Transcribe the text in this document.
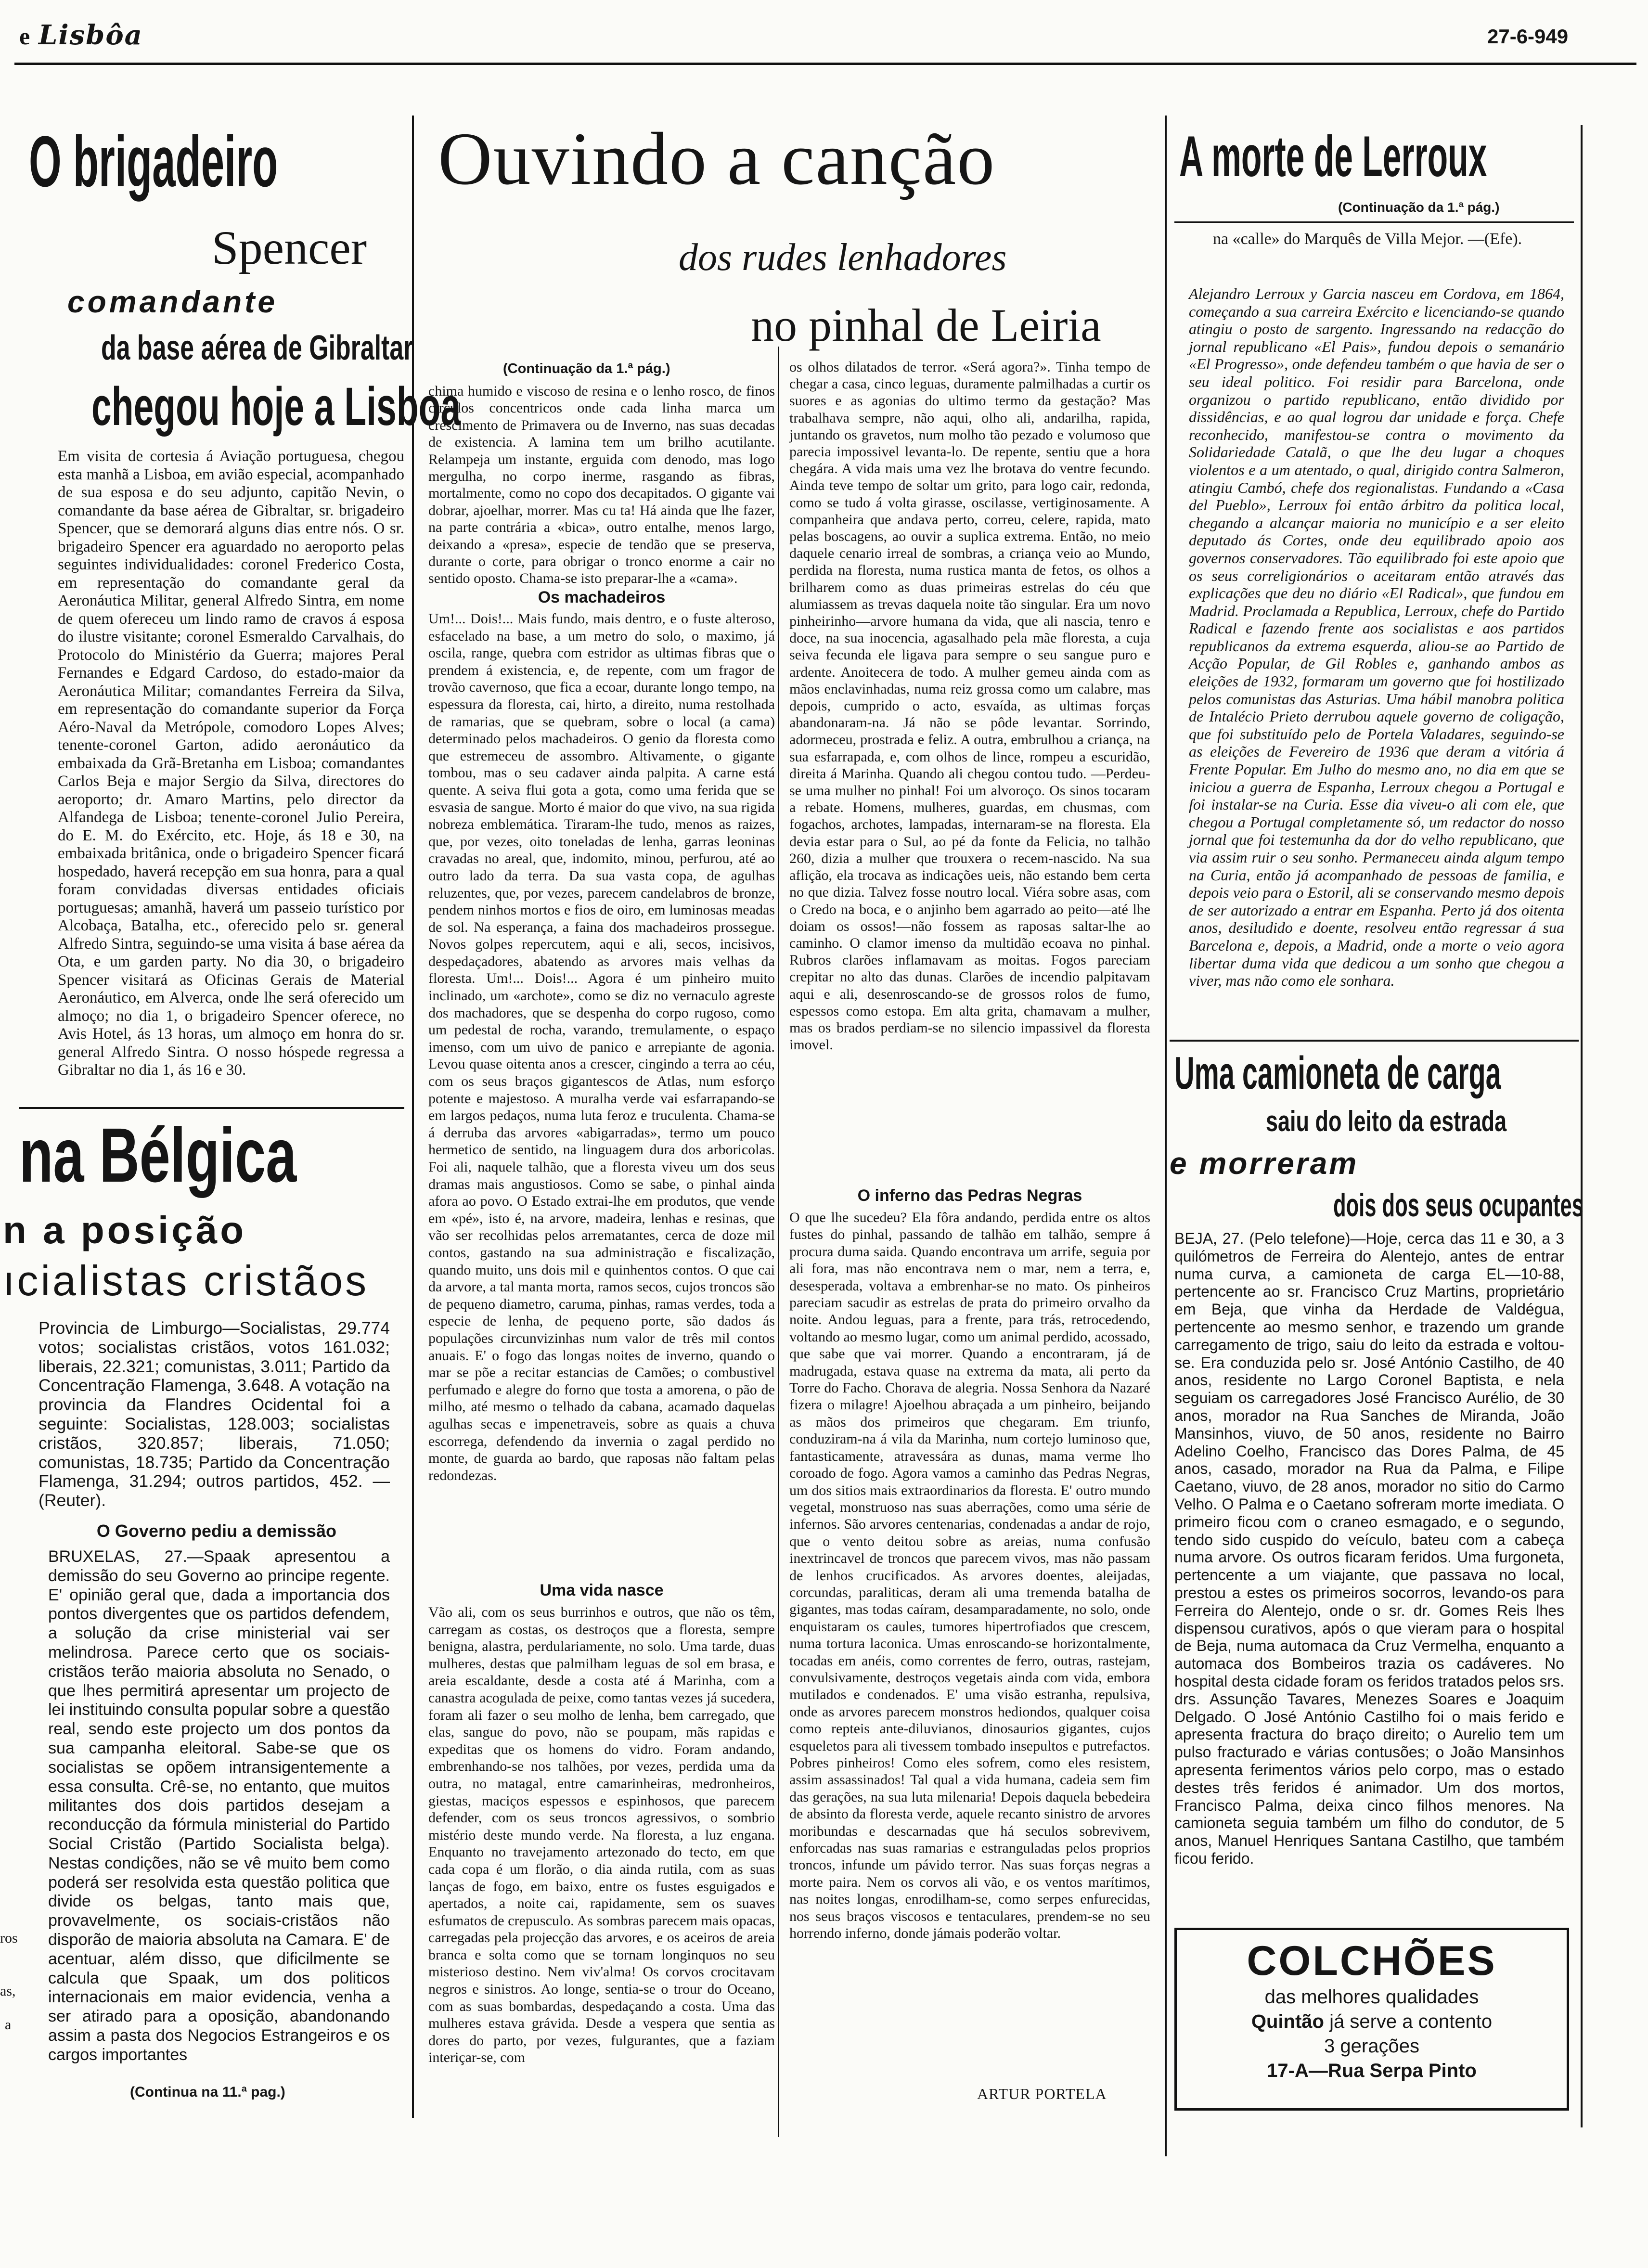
Lisbôa
e	27-6-949
O brigadeiro
Spencer
comandante
da base aérea de Gibraltar
chegou hoje a Lisboa
Em visita de cortesia á Aviação portuguesa, chegou esta manhã a Lisboa, em avião especial, acompanhado de sua esposa e do seu adjunto, capitão Nevin, o comandante da base aérea de Gibraltar, sr. brigadeiro Spencer, que se demorará alguns dias entre nós. O sr. brigadeiro Spencer era aguardado no aeroporto pelas seguintes individualidades: coronel Frederico Costa, em representação do comandante geral da Aeronáutica Militar, general Alfredo Sintra, em nome de quem ofereceu um lindo ramo de cravos á esposa do ilustre visitante; coronel Esmeraldo Carvalhais, do Protocolo do Ministério da Guerra; majores Peral Fernandes e Edgard Cardoso, do estado-maior da Aeronáutica Militar; comandantes Ferreira da Silva, em representação do comandante superior da Força Aéro-Naval da Metrópole, comodoro Lopes Alves; tenente-coronel Garton, adido aeronáutico da embaixada da Grã-Bretanha em Lisboa; comandantes Carlos Beja e major Sergio da Silva, directores do aeroporto; dr. Amaro Martins, pelo director da Alfandega de Lisboa; tenente-coronel Julio Pereira, do E. M. do Exército, etc. Hoje, ás 18 e 30, na embaixada britânica, onde o brigadeiro Spencer ficará hospedado, haverá recepção em sua honra, para a qual foram convidadas diversas entidades oficiais portuguesas; amanhã, haverá um passeio turístico por Alcobaça, Batalha, etc., oferecido pelo sr. general Alfredo Sintra, seguindo-se uma visita á base aérea da Ota, e um garden party. No dia 30, o brigadeiro Spencer visitará as Oficinas Gerais de Material Aeronáutico, em Alverca, onde lhe será oferecido um almoço; no dia 1, o brigadeiro Spencer oferece, no Avis Hotel, ás 13 horas, um almoço em honra do sr. general Alfredo Sintra. O nosso hóspede regressa a Gibraltar no dia 1, ás 16 e 30.
na Bélgica
n a posição
ıcialistas cristãos
Provincia de Limburgo—Socialistas, 29.774 votos; socialistas cristãos, votos 161.032; liberais, 22.321; comunistas, 3.011; Partido da Concentração Flamenga, 3.648. A votação na provincia da Flandres Ocidental foi a seguinte: Socialistas, 128.003; socialistas cristãos, 320.857; liberais, 71.050; comunistas, 18.735; Partido da Concentração Flamenga, 31.294; outros partidos, 452. — (Reuter).
O Governo pediu a demissão
BRUXELAS, 27.—Spaak apresentou a demissão do seu Governo ao principe regente. E' opinião geral que, dada a importancia dos pontos divergentes que os partidos defendem, a solução da crise ministerial vai ser melindrosa. Parece certo que os sociais-cristãos terão maioria absoluta no Senado, o que lhes permitirá apresentar um projecto de lei instituindo consulta popular sobre a questão real, sendo este projecto um dos pontos da sua campanha eleitoral. Sabe-se que os socialistas se opõem intransigentemente a essa consulta. Crê-se, no entanto, que muitos militantes dos dois partidos desejam a reconducção da fórmula ministerial do Partido Social Cristão (Partido Socialista belga). Nestas condições, não se vê muito bem como poderá ser resolvida esta questão politica que divide os belgas, tanto mais que, provavelmente, os sociais-cristãos não disporão de maioria absoluta na Camara. E' de acentuar, além disso, que dificilmente se calcula que Spaak, um dos politicos internacionais em maior evidencia, venha a ser atirado para a oposição, abandonando assim a pasta dos Negocios Estrangeiros e os cargos importantes
(Continua na 11.ª pag.)
ros
as,
a
Ouvindo a canção
dos rudes lenhadores
no pinhal de Leiria
(Continuação da 1.ª pág.)
chima humido e viscoso de resina e o lenho rosco, de finos circulos concentricos onde cada linha marca um crescimento de Primavera ou de Inverno, nas suas decadas de existencia. A lamina tem um brilho acutilante. Relampeja um instante, erguida com denodo, mas logo mergulha, no corpo inerme, rasgando as fibras, mortalmente, como no copo dos decapitados. O gigante vai dobrar, ajoelhar, morrer. Mas cu ta! Há ainda que lhe fazer, na parte contrária a «bica», outro entalhe, menos largo, deixando a «presa», especie de tendão que se preserva, durante o corte, para obrigar o tronco enorme a cair no sentido oposto. Chama-se isto preparar-lhe a «cama».
Os machadeiros
Um!... Dois!... Mais fundo, mais dentro, e o fuste alteroso, esfacelado na base, a um metro do solo, o maximo, já oscila, range, quebra com estridor as ultimas fibras que o prendem á existencia, e, de repente, com um fragor de trovão cavernoso, que fica a ecoar, durante longo tempo, na espessura da floresta, cai, hirto, a direito, numa restolhada de ramarias, que se quebram, sobre o local (a cama) determinado pelos machadeiros. O genio da floresta como que estremeceu de assombro. Altivamente, o gigante tombou, mas o seu cadaver ainda palpita. A carne está quente. A seiva flui gota a gota, como uma ferida que se esvasia de sangue. Morto é maior do que vivo, na sua rigida nobreza emblemática. Tiraram-lhe tudo, menos as raizes, que, por vezes, oito toneladas de lenha, garras leoninas cravadas no areal, que, indomito, minou, perfurou, até ao outro lado da terra. Da sua vasta copa, de agulhas reluzentes, que, por vezes, parecem candelabros de bronze, pendem ninhos mortos e fios de oiro, em luminosas meadas de sol. Na esperança, a faina dos machadeiros prossegue. Novos golpes repercutem, aqui e ali, secos, incisivos, despedaçadores, abatendo as arvores mais velhas da floresta. Um!... Dois!... Agora é um pinheiro muito inclinado, um «archote», como se diz no vernaculo agreste dos machadores, que se despenha do corpo rugoso, como um pedestal de rocha, varando, tremulamente, o espaço imenso, com um uivo de panico e arrepiante de agonia. Levou quase oitenta anos a crescer, cingindo a terra ao céu, com os seus braços gigantescos de Atlas, num esforço potente e majestoso. A muralha verde vai esfarrapando-se em largos pedaços, numa luta feroz e truculenta. Chama-se á derruba das arvores «abigarradas», termo um pouco hermetico de sentido, na linguagem dura dos arboricolas. Foi ali, naquele talhão, que a floresta viveu um dos seus dramas mais angustiosos. Como se sabe, o pinhal ainda afora ao povo. O Estado extrai-lhe em produtos, que vende em «pé», isto é, na arvore, madeira, lenhas e resinas, que vão ser recolhidas pelos arrematantes, cerca de doze mil contos, gastando na sua administração e fiscalização, quando muito, uns dois mil e quinhentos contos. O que cai da arvore, a tal manta morta, ramos secos, cujos troncos são de pequeno diametro, caruma, pinhas, ramas verdes, toda a especie de lenha, de pequeno porte, são dados ás populações circunvizinhas num valor de três mil contos anuais. E' o fogo das longas noites de inverno, quando o mar se põe a recitar estancias de Camões; o combustivel perfumado e alegre do forno que tosta a amorena, o pão de milho, até mesmo o telhado da cabana, acamado daquelas agulhas secas e impenetraveis, sobre as quais a chuva escorrega, defendendo da invernia o zagal perdido no monte, de guarda ao bardo, que raposas não faltam pelas redondezas.
Uma vida nasce
Vão ali, com os seus burrinhos e outros, que não os têm, carregam as costas, os destroços que a floresta, sempre benigna, alastra, perdulariamente, no solo. Uma tarde, duas mulheres, destas que palmilham leguas de sol em brasa, e areia escaldante, desde a costa até á Marinha, com a canastra acogulada de peixe, como tantas vezes já sucedera, foram ali fazer o seu molho de lenha, bem carregado, que elas, sangue do povo, não se poupam, mãs rapidas e expeditas que os homens do vidro. Foram andando, embrenhando-se nos talhões, por vezes, perdida uma da outra, no matagal, entre camarinheiras, medronheiros, giestas, maciços espessos e espinhosos, que parecem defender, com os seus troncos agressivos, o sombrio mistério deste mundo verde. Na floresta, a luz engana. Enquanto no travejamento artezonado do tecto, em que cada copa é um florão, o dia ainda rutila, com as suas lanças de fogo, em baixo, entre os fustes esguigados e apertados, a noite cai, rapidamente, sem os suaves esfumatos de crepusculo. As sombras parecem mais opacas, carregadas pela projecção das arvores, e os aceiros de areia branca e solta como que se tornam longinquos no seu misterioso destino. Nem viv'alma! Os corvos crocitavam negros e sinistros. Ao longe, sentia-se o trour do Oceano, com as suas bombardas, despedaçando a costa. Uma das mulheres estava grávida. Desde a vespera que sentia as dores do parto, por vezes, fulgurantes, que a faziam interiçar-se, com
os olhos dilatados de terror. «Será agora?». Tinha tempo de chegar a casa, cinco leguas, duramente palmilhadas a curtir os suores e as agonias do ultimo termo da gestação? Mas trabalhava sempre, não aqui, olho ali, andarilha, rapida, juntando os gravetos, num molho tão pezado e volumoso que parecia impossivel levanta-lo. De repente, sentiu que a hora chegára. A vida mais uma vez lhe brotava do ventre fecundo. Ainda teve tempo de soltar um grito, para logo cair, redonda, como se tudo á volta girasse, oscilasse, vertiginosamente. A companheira que andava perto, correu, celere, rapida, mato pelas boscagens, ao ouvir a suplica extrema. Então, no meio daquele cenario irreal de sombras, a criança veio ao Mundo, perdida na floresta, numa rustica manta de fetos, os olhos a brilharem como as duas primeiras estrelas do céu que alumiassem as trevas daquela noite tão singular. Era um novo pinheirinho—arvore humana da vida, que ali nascia, tenro e doce, na sua inocencia, agasalhado pela mãe floresta, a cuja seiva fecunda ele ligava para sempre o seu sangue puro e ardente. Anoitecera de todo. A mulher gemeu ainda com as mãos enclavinhadas, numa reiz grossa como um calabre, mas depois, cumprido o acto, esvaída, as ultimas forças abandonaram-na. Já não se pôde levantar. Sorrindo, adormeceu, prostrada e feliz. A outra, embrulhou a criança, na sua esfarrapada, e, com olhos de lince, rompeu a escuridão, direita á Marinha. Quando ali chegou contou tudo. —Perdeu-se uma mulher no pinhal! Foi um alvoroço. Os sinos tocaram a rebate. Homens, mulheres, guardas, em chusmas, com fogachos, archotes, lampadas, internaram-se na floresta. Ela devia estar para o Sul, ao pé da fonte da Felicia, no talhão 260, dizia a mulher que trouxera o recem-nascido. Na sua aflição, ela trocava as indicações ueis, não estando bem certa no que dizia. Talvez fosse noutro local. Viéra sobre asas, com o Credo na boca, e o anjinho bem agarrado ao peito—até lhe doiam os ossos!—não fossem as raposas saltar-lhe ao caminho. O clamor imenso da multidão ecoava no pinhal. Rubros clarões inflamavam as moitas. Fogos pareciam crepitar no alto das dunas. Clarões de incendio palpitavam aqui e ali, desenroscando-se de grossos rolos de fumo, espessos como estopa. Em alta grita, chamavam a mulher, mas os brados perdiam-se no silencio impassivel da floresta imovel.
O inferno das Pedras Negras
O que lhe sucedeu? Ela fôra andando, perdida entre os altos fustes do pinhal, passando de talhão em talhão, sempre á procura duma saida. Quando encontrava um arrife, seguia por ali fora, mas não encontrava nem o mar, nem a terra, e, desesperada, voltava a embrenhar-se no mato. Os pinheiros pareciam sacudir as estrelas de prata do primeiro orvalho da noite. Andou leguas, para a frente, para trás, retrocedendo, voltando ao mesmo lugar, como um animal perdido, acossado, que sabe que vai morrer. Quando a encontraram, já de madrugada, estava quase na extrema da mata, ali perto da Torre do Facho. Chorava de alegria. Nossa Senhora da Nazaré fizera o milagre! Ajoelhou abraçada a um pinheiro, beijando as mãos dos primeiros que chegaram. Em triunfo, conduziram-na á vila da Marinha, num cortejo luminoso que, fantasticamente, atravessára as dunas, mama verme lho coroado de fogo. Agora vamos a caminho das Pedras Negras, um dos sitios mais extraordinarios da floresta. E' outro mundo vegetal, monstruoso nas suas aberrações, como uma série de infernos. São arvores centenarias, condenadas a andar de rojo, que o vento deitou sobre as areias, numa confusão inextrincavel de troncos que parecem vivos, mas não passam de lenhos crucificados. As arvores doentes, aleijadas, corcundas, paraliticas, deram ali uma tremenda batalha de gigantes, mas todas caíram, desamparadamente, no solo, onde enquistaram os caules, tumores hipertrofiados que crescem, numa tortura laconica. Umas enroscando-se horizontalmente, tocadas em anéis, como correntes de ferro, outras, rastejam, convulsivamente, destroços vegetais ainda com vida, embora mutilados e condenados. E' uma visão estranha, repulsiva, onde as arvores parecem monstros hediondos, qualquer coisa como repteis ante-diluvianos, dinosaurios gigantes, cujos esqueletos para ali tivessem tombado insepultos e putrefactos. Pobres pinheiros! Como eles sofrem, como eles resistem, assim assassinados! Tal qual a vida humana, cadeia sem fim das gerações, na sua luta milenaria! Depois daquela bebedeira de absinto da floresta verde, aquele recanto sinistro de arvores moribundas e descarnadas que há seculos sobrevivem, enforcadas nas suas ramarias e estranguladas pelos proprios troncos, infunde um pávido terror. Nas suas forças negras a morte paira. Nem os corvos ali vão, e os ventos marítimos, nas noites longas, enrodilham-se, como serpes enfurecidas, nos seus braços viscosos e tentaculares, prendem-se no seu horrendo inferno, donde jámais poderão voltar.
ARTUR PORTELA
A morte de Lerroux
(Continuação da 1.ª pág.)
na «calle» do Marquês de Villa Mejor. —(Efe).
Alejandro Lerroux y Garcia nasceu em Cordova, em 1864, começando a sua carreira Exército e licenciando-se quando atingiu o posto de sargento. Ingressando na redacção do jornal republicano «El Pais», fundou depois o semanário «El Progresso», onde defendeu também o que havia de ser o seu ideal politico. Foi residir para Barcelona, onde organizou o partido republicano, então dividido por dissidências, e ao qual logrou dar unidade e força. Chefe reconhecido, manifestou-se contra o movimento da Solidariedade Catalã, o que lhe deu lugar a choques violentos e a um atentado, o qual, dirigido contra Salmeron, atingiu Cambó, chefe dos regionalistas. Fundando a «Casa del Pueblo», Lerroux foi então árbitro da politica local, chegando a alcançar maioria no município e a ser eleito deputado ás Cortes, onde deu equilibrado apoio aos governos conservadores. Tão equilibrado foi este apoio que os seus correligionários o aceitaram então através das explicações que deu no diário «El Radical», que fundou em Madrid. Proclamada a Republica, Lerroux, chefe do Partido Radical e fazendo frente aos socialistas e aos partidos republicanos da extrema esquerda, aliou-se ao Partido de Acção Popular, de Gil Robles e, ganhando ambos as eleições de 1932, formaram um governo que foi hostilizado pelos comunistas das Asturias. Uma hábil manobra politica de Intalécio Prieto derrubou aquele governo de coligação, que foi substituído pelo de Portela Valadares, seguindo-se as eleições de Fevereiro de 1936 que deram a vitória á Frente Popular. Em Julho do mesmo ano, no dia em que se iniciou a guerra de Espanha, Lerroux chegou a Portugal e foi instalar-se na Curia. Esse dia viveu-o ali com ele, que chegou a Portugal completamente só, um redactor do nosso jornal que foi testemunha da dor do velho republicano, que via assim ruir o seu sonho. Permaneceu ainda algum tempo na Curia, então já acompanhado de pessoas de familia, e depois veio para o Estoril, ali se conservando mesmo depois de ser autorizado a entrar em Espanha. Perto já dos oitenta anos, desiludido e doente, resolveu então regressar á sua Barcelona e, depois, a Madrid, onde a morte o veio agora libertar duma vida que dedicou a um sonho que chegou a viver, mas não como ele sonhara.
Uma camioneta de carga
saiu do leito da estrada
e morreram
dois dos seus ocupantes
BEJA, 27. (Pelo telefone)—Hoje, cerca das 11 e 30, a 3 quilómetros de Ferreira do Alentejo, antes de entrar numa curva, a camioneta de carga EL—10-88, pertencente ao sr. Francisco Cruz Martins, proprietário em Beja, que vinha da Herdade de Valdégua, pertencente ao mesmo senhor, e trazendo um grande carregamento de trigo, saiu do leito da estrada e voltou-se. Era conduzida pelo sr. José António Castilho, de 40 anos, residente no Largo Coronel Baptista, e nela seguiam os carregadores José Francisco Aurélio, de 30 anos, morador na Rua Sanches de Miranda, João Mansinhos, viuvo, de 50 anos, residente no Bairro Adelino Coelho, Francisco das Dores Palma, de 45 anos, casado, morador na Rua da Palma, e Filipe Caetano, viuvo, de 28 anos, morador no sitio do Carmo Velho. O Palma e o Caetano sofreram morte imediata. O primeiro ficou com o craneo esmagado, e o segundo, tendo sido cuspido do veículo, bateu com a cabeça numa arvore. Os outros ficaram feridos. Uma furgoneta, pertencente a um viajante, que passava no local, prestou a estes os primeiros socorros, levando-os para Ferreira do Alentejo, onde o sr. dr. Gomes Reis lhes dispensou curativos, após o que vieram para o hospital de Beja, numa automaca da Cruz Vermelha, enquanto a automaca dos Bombeiros trazia os cadáveres. No hospital desta cidade foram os feridos tratados pelos srs. drs. Assunção Tavares, Menezes Soares e Joaquim Delgado. O José António Castilho foi o mais ferido e apresenta fractura do braço direito; o Aurelio tem um pulso fracturado e várias contusões; o João Mansinhos apresenta ferimentos vários pelo corpo, mas o estado destes três feridos é animador. Um dos mortos, Francisco Palma, deixa cinco filhos menores. Na camioneta seguia também um filho do condutor, de 5 anos, Manuel Henriques Santana Castilho, que também ficou ferido.
COLCHÕES
das melhores qualidades
Quintão já serve a contento
3 gerações
17-A—Rua Serpa Pinto
